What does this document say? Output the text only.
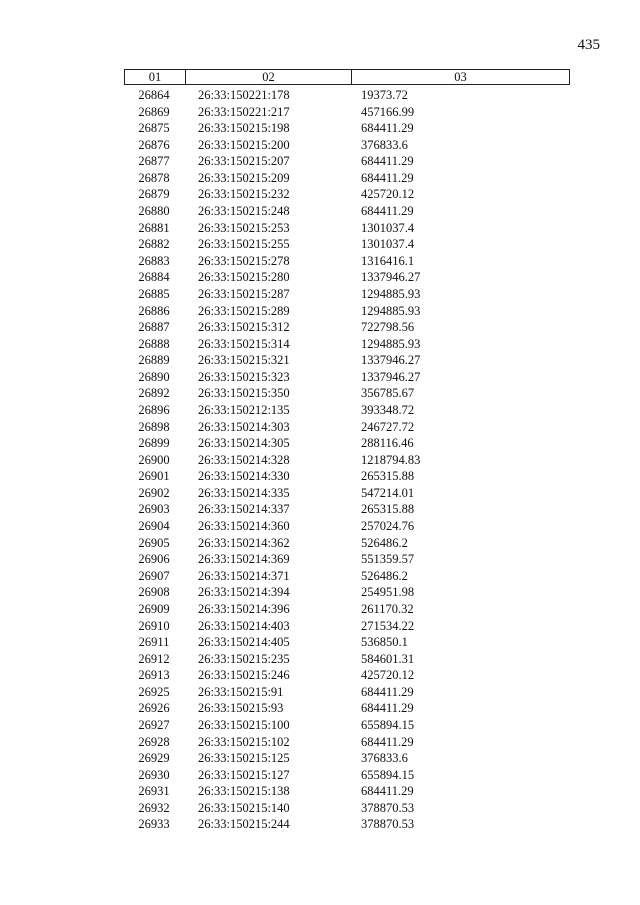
435
01	02	03
26864	26:33:150221:178	19373.72
26869	26:33:150221:217	457166.99
26875	26:33:150215:198	684411.29
26876	26:33:150215:200	376833.6
26877	26:33:150215:207	684411.29
26878	26:33:150215:209	684411.29
26879	26:33:150215:232	425720.12
26880	26:33:150215:248	684411.29
26881	26:33:150215:253	1301037.4
26882	26:33:150215:255	1301037.4
26883	26:33:150215:278	1316416.1
26884	26:33:150215:280	1337946.27
26885	26:33:150215:287	1294885.93
26886	26:33:150215:289	1294885.93
26887	26:33:150215:312	722798.56
26888	26:33:150215:314	1294885.93
26889	26:33:150215:321	1337946.27
26890	26:33:150215:323	1337946.27
26892	26:33:150215:350	356785.67
26896	26:33:150212:135	393348.72
26898	26:33:150214:303	246727.72
26899	26:33:150214:305	288116.46
26900	26:33:150214:328	1218794.83
26901	26:33:150214:330	265315.88
26902	26:33:150214:335	547214.01
26903	26:33:150214:337	265315.88
26904	26:33:150214:360	257024.76
26905	26:33:150214:362	526486.2
26906	26:33:150214:369	551359.57
26907	26:33:150214:371	526486.2
26908	26:33:150214:394	254951.98
26909	26:33:150214:396	261170.32
26910	26:33:150214:403	271534.22
26911	26:33:150214:405	536850.1
26912	26:33:150215:235	584601.31
26913	26:33:150215:246	425720.12
26925	26:33:150215:91	684411.29
26926	26:33:150215:93	684411.29
26927	26:33:150215:100	655894.15
26928	26:33:150215:102	684411.29
26929	26:33:150215:125	376833.6
26930	26:33:150215:127	655894.15
26931	26:33:150215:138	684411.29
26932	26:33:150215:140	378870.53
26933	26:33:150215:244	378870.53
